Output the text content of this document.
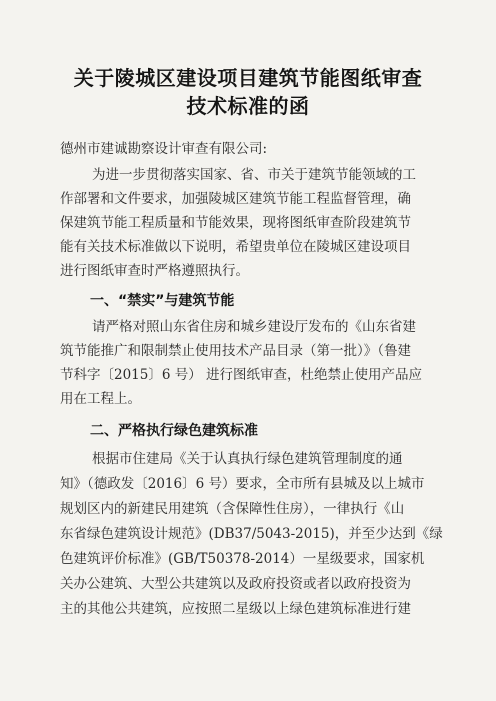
关于陵城区建设项目建筑节能图纸审查
技术标准的函
德州市建诚勘察设计审查有限公司:
为进一步贯彻落实国家、省、市关于建筑节能领域的工
作部署和文件要求，加强陵城区建筑节能工程监督管理，确
保建筑节能工程质量和节能效果，现将图纸审查阶段建筑节
能有关技术标准做以下说明，希望贵单位在陵城区建设项目
进行图纸审查时严格遵照执行。
一、“禁实”与建筑节能
请严格对照山东省住房和城乡建设厅发布的《山东省建
筑节能推广和限制禁止使用技术产品目录（第一批）》（鲁建
节科字〔2015〕6 号） 进行图纸审查，杜绝禁止使用产品应
用在工程上。
二、严格执行绿色建筑标准
根据市住建局《关于认真执行绿色建筑管理制度的通
知》（德政发〔2016〕6 号）要求，全市所有县城及以上城市
规划区内的新建民用建筑（含保障性住房），一律执行《山
东省绿色建筑设计规范》(DB37/5043-2015)，并至少达到《绿
色建筑评价标准》(GB/T50378-2014）一星级要求，国家机
关办公建筑、大型公共建筑以及政府投资或者以政府投资为
主的其他公共建筑，应按照二星级以上绿色建筑标准进行建
